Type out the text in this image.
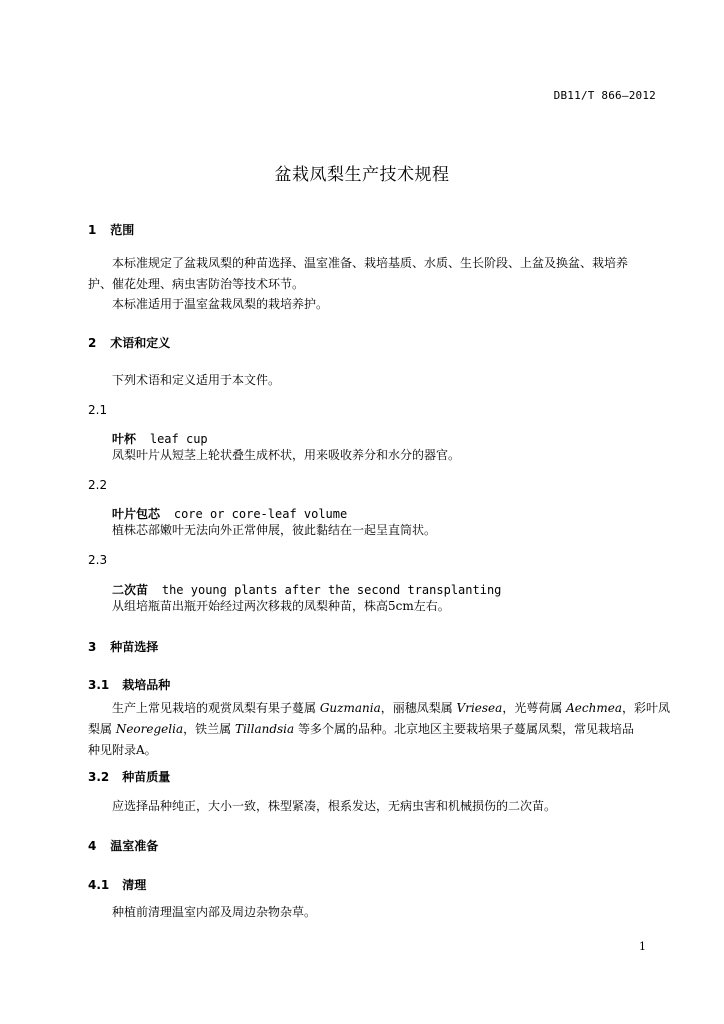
DB11/T 866—2012
盆栽凤梨生产技术规程
1 范围
本标准规定了盆栽凤梨的种苗选择、温室准备、栽培基质、水质、生长阶段、上盆及换盆、栽培养
护、催花处理、病虫害防治等技术环节。
本标准适用于温室盆栽凤梨的栽培养护。
2 术语和定义
下列术语和定义适用于本文件。
2.1
叶杯 leaf cup
凤梨叶片从短茎上轮状叠生成杯状，用来吸收养分和水分的器官。
2.2
叶片包芯 core or core-leaf volume
植株芯部嫩叶无法向外正常伸展，彼此黏结在一起呈直筒状。
2.3
二次苗 the young plants after the second transplanting
从组培瓶苗出瓶开始经过两次移栽的凤梨种苗，株高5cm左右。
3 种苗选择
3.1 栽培品种
生产上常见栽培的观赏凤梨有果子蔓属 Guzmania，丽穗凤梨属 Vriesea，光萼荷属 Aechmea，彩叶凤
梨属 Neoregelia，铁兰属 Tillandsia 等多个属的品种。北京地区主要栽培果子蔓属凤梨，常见栽培品
种见附录A。
3.2 种苗质量
应选择品种纯正，大小一致，株型紧凑，根系发达，无病虫害和机械损伤的二次苗。
4 温室准备
4.1 清理
种植前清理温室内部及周边杂物杂草。
1
